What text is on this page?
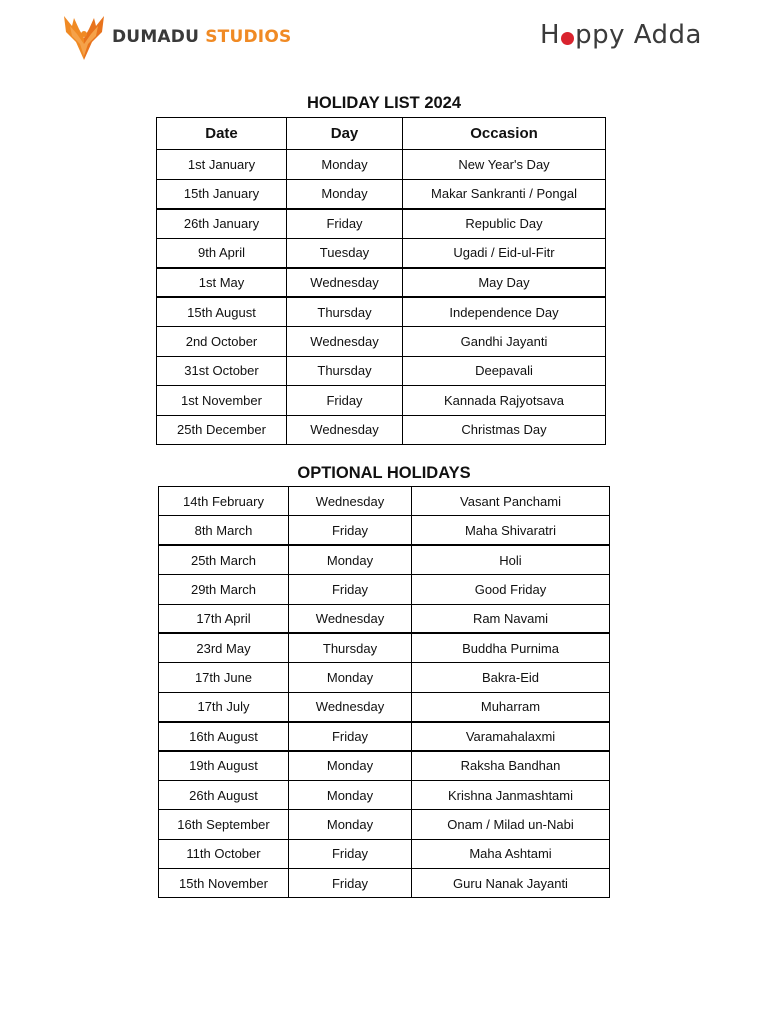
DUMADU STUDIOS	H ppy Adda
HOLIDAY LIST 2024
Date	Day	Occasion
1st January	Monday	New Year's Day
15th January	Monday	Makar Sankranti / Pongal
26th January	Friday	Republic Day
9th April	Tuesday	Ugadi / Eid-ul-Fitr
1st May	Wednesday	May Day
15th August	Thursday	Independence Day
2nd October	Wednesday	Gandhi Jayanti
31st October	Thursday	Deepavali
1st November	Friday	Kannada Rajyotsava
25th December	Wednesday	Christmas Day
OPTIONAL HOLIDAYS
14th February	Wednesday	Vasant Panchami
8th March	Friday	Maha Shivaratri
25th March	Monday	Holi
29th March	Friday	Good Friday
17th April	Wednesday	Ram Navami
23rd May	Thursday	Buddha Purnima
17th June	Monday	Bakra-Eid
17th July	Wednesday	Muharram
16th August	Friday	Varamahalaxmi
19th August	Monday	Raksha Bandhan
26th August	Monday	Krishna Janmashtami
16th September	Monday	Onam / Milad un-Nabi
11th October	Friday	Maha Ashtami
15th November	Friday	Guru Nanak Jayanti
